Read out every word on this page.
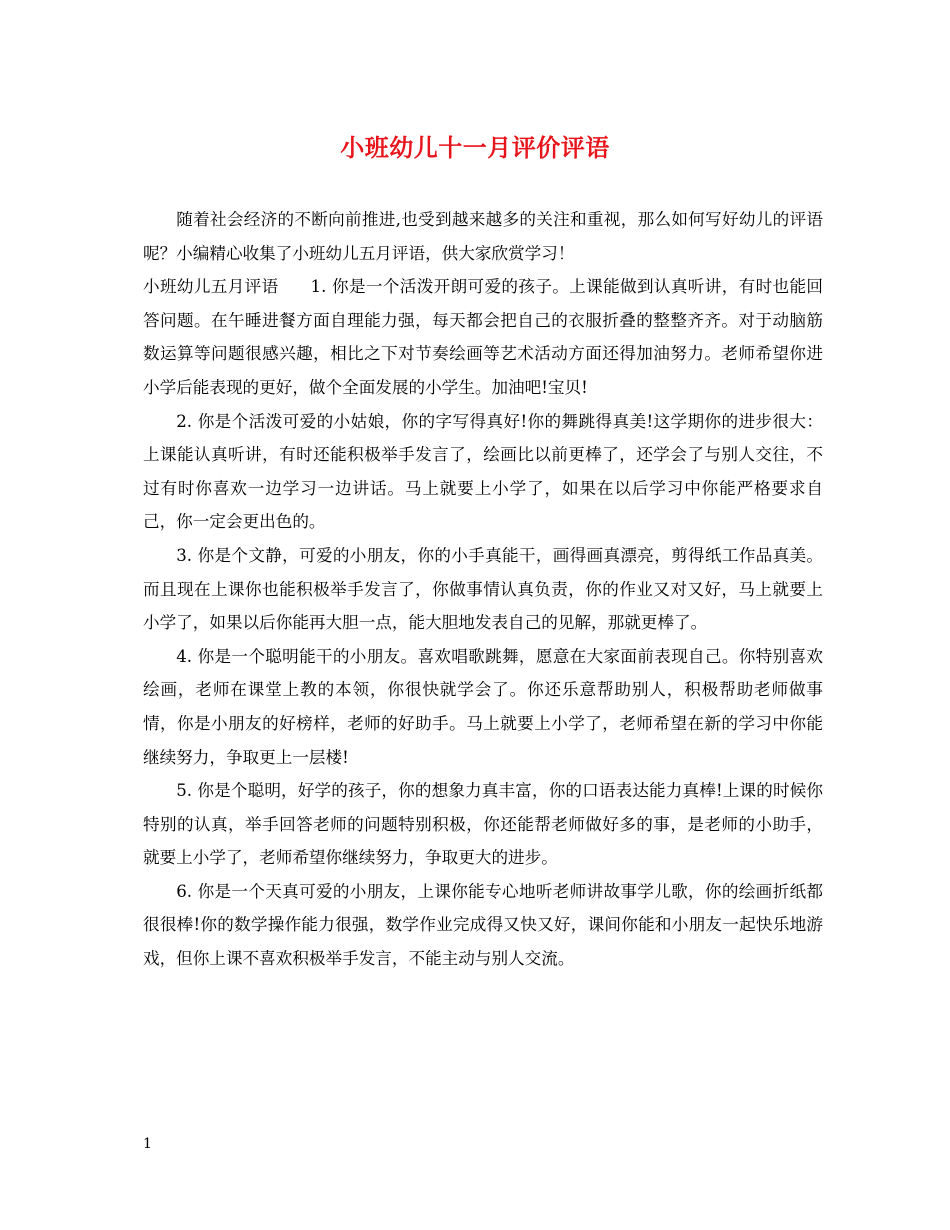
小班幼儿十一月评价评语

随着社会经济的不断向前推进,也受到越来越多的关注和重视，那么如何写好幼儿的评语呢？小编精心收集了小班幼儿五月评语，供大家欣赏学习！

小班幼儿五月评语 1. 你是一个活泼开朗可爱的孩子。上课能做到认真听讲，有时也能回答问题。在午睡进餐方面自理能力强，每天都会把自己的衣服折叠的整整齐齐。对于动脑筋数运算等问题很感兴趣，相比之下对节奏绘画等艺术活动方面还得加油努力。老师希望你进小学后能表现的更好，做个全面发展的小学生。加油吧!宝贝!

2. 你是个活泼可爱的小姑娘，你的字写得真好!你的舞跳得真美!这学期你的进步很大：上课能认真听讲，有时还能积极举手发言了，绘画比以前更棒了，还学会了与别人交往，不过有时你喜欢一边学习一边讲话。马上就要上小学了，如果在以后学习中你能严格要求自己，你一定会更出色的。

3. 你是个文静，可爱的小朋友，你的小手真能干，画得画真漂亮，剪得纸工作品真美。而且现在上课你也能积极举手发言了，你做事情认真负责，你的作业又对又好，马上就要上小学了，如果以后你能再大胆一点，能大胆地发表自己的见解，那就更棒了。

4. 你是一个聪明能干的小朋友。喜欢唱歌跳舞，愿意在大家面前表现自己。你特别喜欢绘画，老师在课堂上教的本领，你很快就学会了。你还乐意帮助别人，积极帮助老师做事情，你是小朋友的好榜样，老师的好助手。马上就要上小学了，老师希望在新的学习中你能继续努力，争取更上一层楼!

5. 你是个聪明，好学的孩子，你的想象力真丰富，你的口语表达能力真棒!上课的时候你特别的认真，举手回答老师的问题特别积极，你还能帮老师做好多的事，是老师的小助手，就要上小学了，老师希望你继续努力，争取更大的进步。

6. 你是一个天真可爱的小朋友，上课你能专心地听老师讲故事学儿歌，你的绘画折纸都很很棒!你的数学操作能力很强，数学作业完成得又快又好，课间你能和小朋友一起快乐地游戏，但你上课不喜欢积极举手发言，不能主动与别人交流。

1
